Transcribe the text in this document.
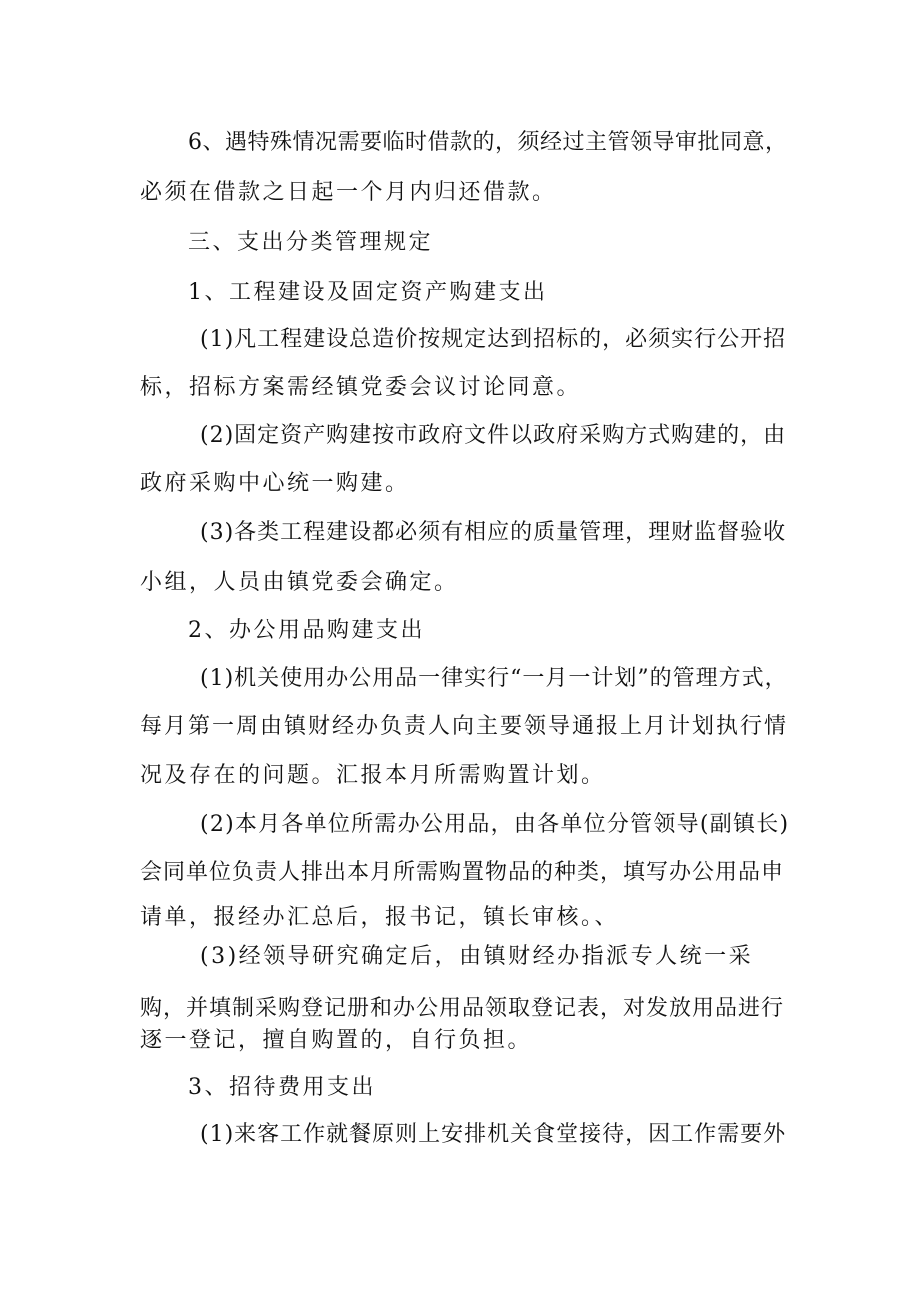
6、遇特殊情况需要临时借款的，须经过主管领导审批同意，
必须在借款之日起一个月内归还借款。
三、支出分类管理规定
1、工程建设及固定资产购建支出
(1)凡工程建设总造价按规定达到招标的，必须实行公开招
标，招标方案需经镇党委会议讨论同意。
(2)固定资产购建按市政府文件以政府采购方式购建的，由
政府采购中心统一购建。
(3)各类工程建设都必须有相应的质量管理，理财监督验收
小组，人员由镇党委会确定。
2、办公用品购建支出
(1)机关使用办公用品一律实行“一月一计划”的管理方式，
每月第一周由镇财经办负责人向主要领导通报上月计划执行情
况及存在的问题。汇报本月所需购置计划。
(2)本月各单位所需办公用品，由各单位分管领导(副镇长)
会同单位负责人排出本月所需购置物品的种类，填写办公用品申
请单，报经办汇总后，报书记，镇长审核。、
(3)经领导研究确定后，由镇财经办指派专人统一采
购，并填制采购登记册和办公用品领取登记表，对发放用品进行
逐一登记，擅自购置的，自行负担。
3、招待费用支出
(1)来客工作就餐原则上安排机关食堂接待，因工作需要外
